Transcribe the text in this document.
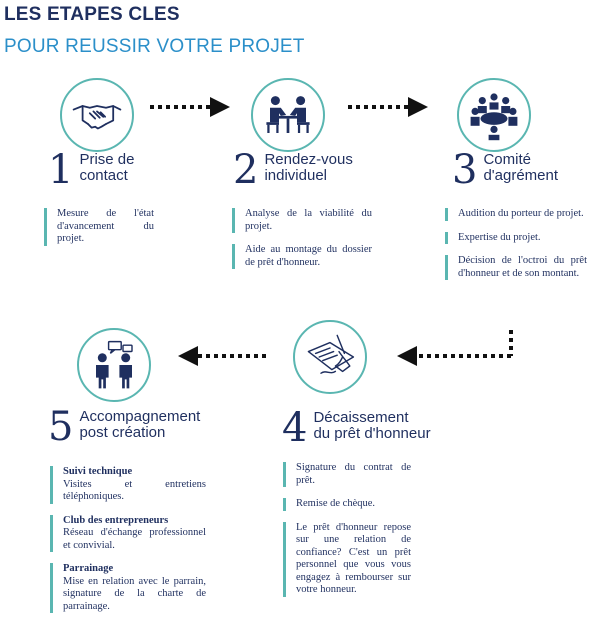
LES ETAPES CLES
POUR REUSSIR VOTRE PROJET
1 Prise de
contact	2 Rendez-vous
individuel	3 Comité
d'agrément
4 Décaissement
du prêt d'honneur
5 Accompagnement
post création
Mesure de l'état d'avancement du projet.
Analyse de la viabilité du projet.
Aide au montage du dossier de prêt d'honneur.
Audition du porteur de projet.
Expertise du projet.
Décision de l'octroi du prêt d'honneur et de son montant.
Signature du contrat de prêt.
Remise de chèque.
Le prêt d'honneur repose sur une relation de confiance? C'est un prêt personnel que vous vous engagez à rembourser sur votre honneur.
Suivi technique
Visites et entretiens téléphoniques.
Club des entrepreneurs
Réseau d'échange professionnel et convivial.
Parrainage
Mise en relation avec le parrain, signature de la charte de parrainage.
